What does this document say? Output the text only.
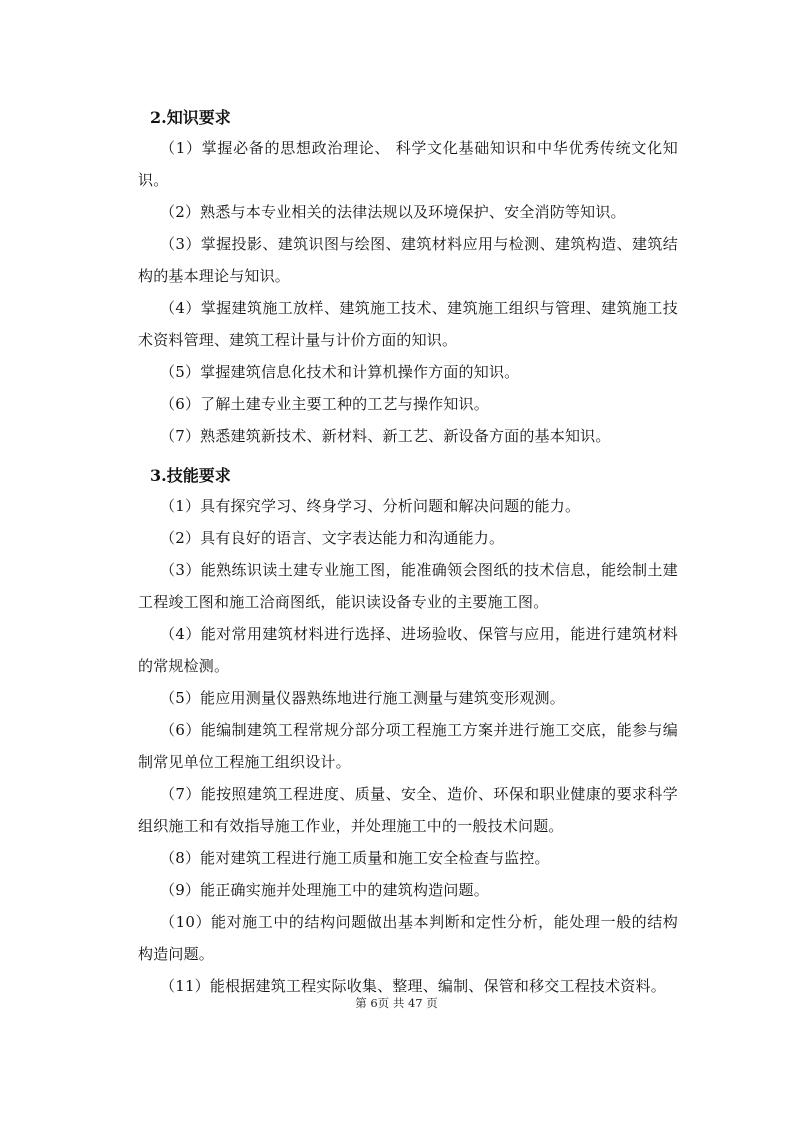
2.知识要求

（1）掌握必备的思想政治理论、 科学文化基础知识和中华优秀传统文化知识。

（2）熟悉与本专业相关的法律法规以及环境保护、安全消防等知识。

（3）掌握投影、建筑识图与绘图、建筑材料应用与检测、建筑构造、建筑结构的基本理论与知识。

（4）掌握建筑施工放样、建筑施工技术、建筑施工组织与管理、建筑施工技术资料管理、建筑工程计量与计价方面的知识。

（5）掌握建筑信息化技术和计算机操作方面的知识。

（6）了解土建专业主要工种的工艺与操作知识。

（7）熟悉建筑新技术、新材料、新工艺、新设备方面的基本知识。

3.技能要求

（1）具有探究学习、终身学习、分析问题和解决问题的能力。

（2）具有良好的语言、文字表达能力和沟通能力。

（3）能熟练识读土建专业施工图，能准确领会图纸的技术信息，能绘制土建工程竣工图和施工洽商图纸，能识读设备专业的主要施工图。

（4）能对常用建筑材料进行选择、进场验收、保管与应用，能进行建筑材料的常规检测。

（5）能应用测量仪器熟练地进行施工测量与建筑变形观测。

（6）能编制建筑工程常规分部分项工程施工方案并进行施工交底，能参与编制常见单位工程施工组织设计。

（7）能按照建筑工程进度、质量、安全、造价、环保和职业健康的要求科学组织施工和有效指导施工作业，并处理施工中的一般技术问题。

（8）能对建筑工程进行施工质量和施工安全检查与监控。

（9）能正确实施并处理施工中的建筑构造问题。

（10）能对施工中的结构问题做出基本判断和定性分析，能处理一般的结构构造问题。

（11）能根据建筑工程实际收集、整理、编制、保管和移交工程技术资料。

第 6页 共 47 页
